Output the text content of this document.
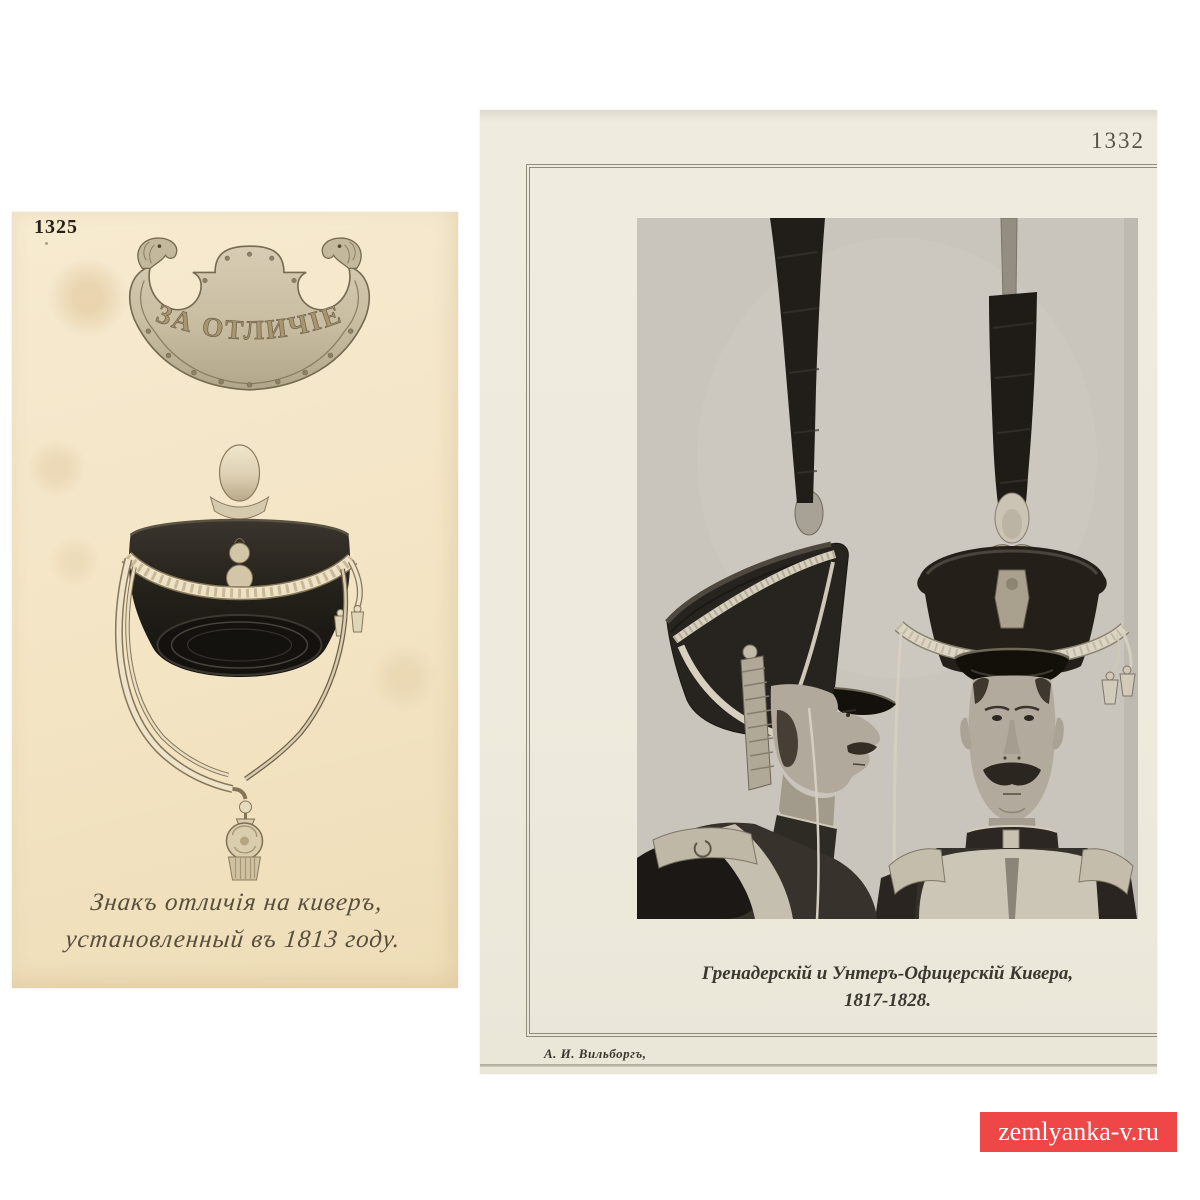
1325
ЗА ОТЛИЧІЕ
Знакъ отличія на киверъ,
установленный въ 1813 году.
1332
Гренадерскій и Унтеръ-Офицерскій Кивера,
1817-1828.
А. И. Вильборгъ,
zemlyanka-v.ru
